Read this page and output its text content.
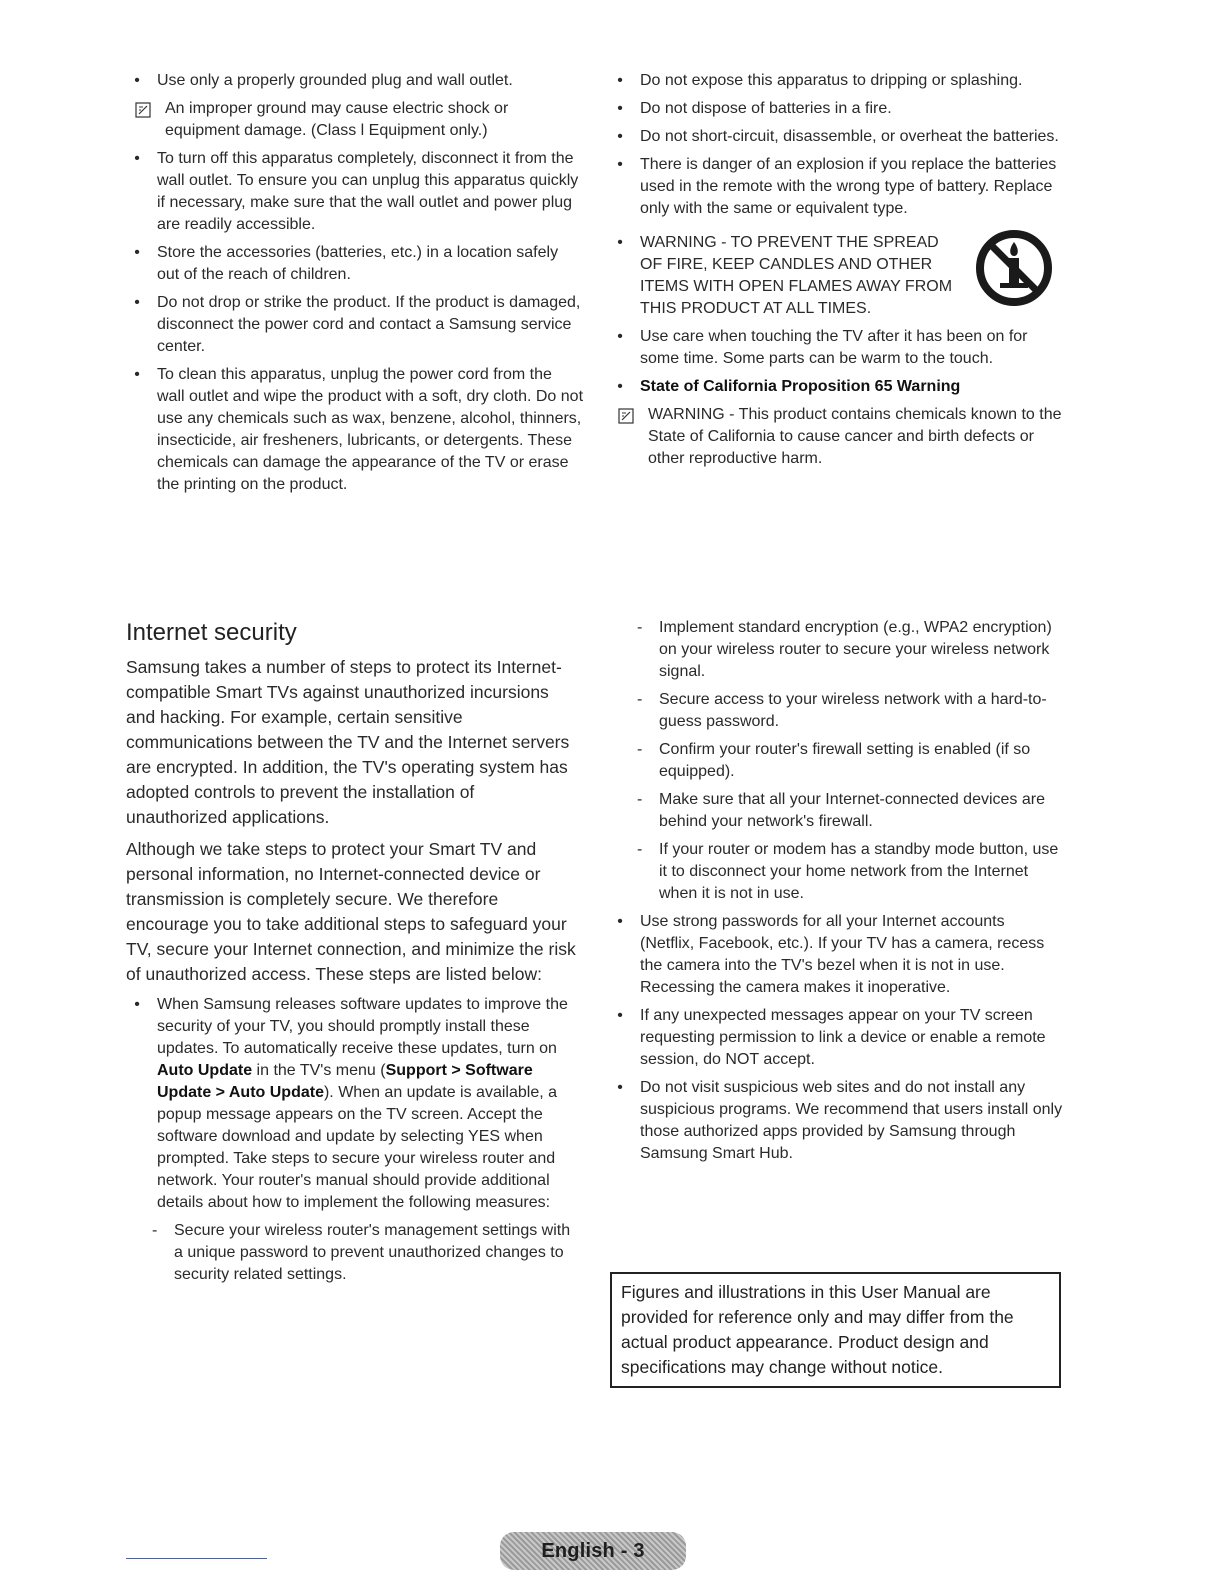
• Use only a properly grounded plug and wall outlet.
An improper ground may cause electric shock or equipment damage. (Class l Equipment only.)
• To turn off this apparatus completely, disconnect it from the wall outlet. To ensure you can unplug this apparatus quickly if necessary, make sure that the wall outlet and power plug are readily accessible.
• Store the accessories (batteries, etc.) in a location safely out of the reach of children.
• Do not drop or strike the product. If the product is damaged, disconnect the power cord and contact a Samsung service center.
• To clean this apparatus, unplug the power cord from the wall outlet and wipe the product with a soft, dry cloth. Do not use any chemicals such as wax, benzene, alcohol, thinners, insecticide, air fresheners, lubricants, or detergents. These chemicals can damage the appearance of the TV or erase the printing on the product.
• Do not expose this apparatus to dripping or splashing.
• Do not dispose of batteries in a fire.
• Do not short-circuit, disassemble, or overheat the batteries.
• There is danger of an explosion if you replace the batteries used in the remote with the wrong type of battery. Replace only with the same or equivalent type.
• WARNING - TO PREVENT THE SPREAD OF FIRE, KEEP CANDLES AND OTHER ITEMS WITH OPEN FLAMES AWAY FROM THIS PRODUCT AT ALL TIMES.
• Use care when touching the TV after it has been on for some time. Some parts can be warm to the touch.
• State of California Proposition 65 Warning
WARNING - This product contains chemicals known to the State of California to cause cancer and birth defects or other reproductive harm.
Internet security
Samsung takes a number of steps to protect its Internet-compatible Smart TVs against unauthorized incursions and hacking. For example, certain sensitive communications between the TV and the Internet servers are encrypted. In addition, the TV's operating system has adopted controls to prevent the installation of unauthorized applications.
Although we take steps to protect your Smart TV and personal information, no Internet-connected device or transmission is completely secure. We therefore encourage you to take additional steps to safeguard your TV, secure your Internet connection, and minimize the risk of unauthorized access. These steps are listed below:
• When Samsung releases software updates to improve the security of your TV, you should promptly install these updates. To automatically receive these updates, turn on Auto Update in the TV's menu (Support > Software Update > Auto Update). When an update is available, a popup message appears on the TV screen. Accept the software download and update by selecting YES when prompted. Take steps to secure your wireless router and network. Your router's manual should provide additional details about how to implement the following measures:
- Secure your wireless router's management settings with a unique password to prevent unauthorized changes to security related settings.
- Implement standard encryption (e.g., WPA2 encryption) on your wireless router to secure your wireless network signal.
- Secure access to your wireless network with a hard-to-guess password.
- Confirm your router's firewall setting is enabled (if so equipped).
- Make sure that all your Internet-connected devices are behind your network's firewall.
- If your router or modem has a standby mode button, use it to disconnect your home network from the Internet when it is not in use.
• Use strong passwords for all your Internet accounts (Netflix, Facebook, etc.). If your TV has a camera, recess the camera into the TV's bezel when it is not in use. Recessing the camera makes it inoperative.
• If any unexpected messages appear on your TV screen requesting permission to link a device or enable a remote session, do NOT accept.
• Do not visit suspicious web sites and do not install any suspicious programs. We recommend that users install only those authorized apps provided by Samsung through Samsung Smart Hub.
Figures and illustrations in this User Manual are provided for reference only and may differ from the actual product appearance. Product design and specifications may change without notice.
English - 3
